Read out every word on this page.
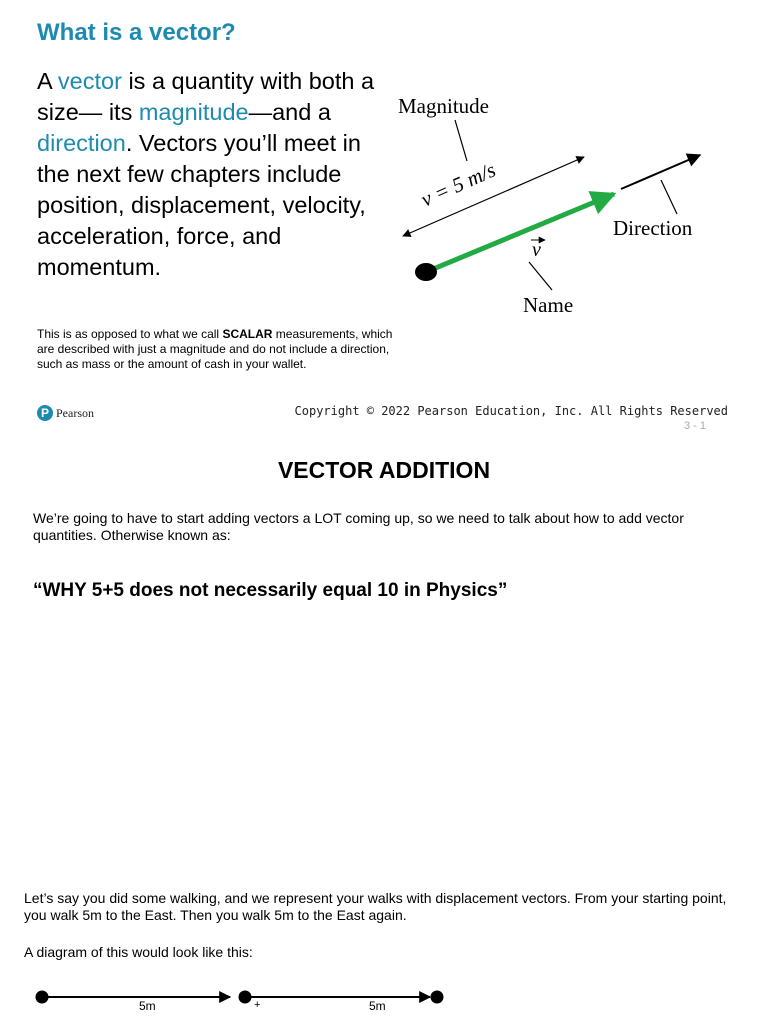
What is a vector?
A vector is a quantity with both a size— its magnitude—and a direction. Vectors you’ll meet in the next few chapters include position, displacement, velocity, acceleration, force, and momentum.
This is as opposed to what we call SCALAR measurements, which are described with just a magnitude and do not include a direction, such as mass or the amount of cash in your wallet.
Magnitude
v = 5 m/s
Direction
v
Name
P Pearson	Copyright © 2022 Pearson Education, Inc. All Rights Reserved
3 - 1
VECTOR ADDITION

We’re going to have to start adding vectors a LOT coming up, so we need to talk about how to add vector quantities. Otherwise known as:

“WHY 5+5 does not necessarily equal 10 in Physics”

Let’s say you did some walking, and we represent your walks with displacement vectors. From your starting point, you walk 5m to the East. Then you walk 5m to the East again.

A diagram of this would look like this:
5m	+	5m
